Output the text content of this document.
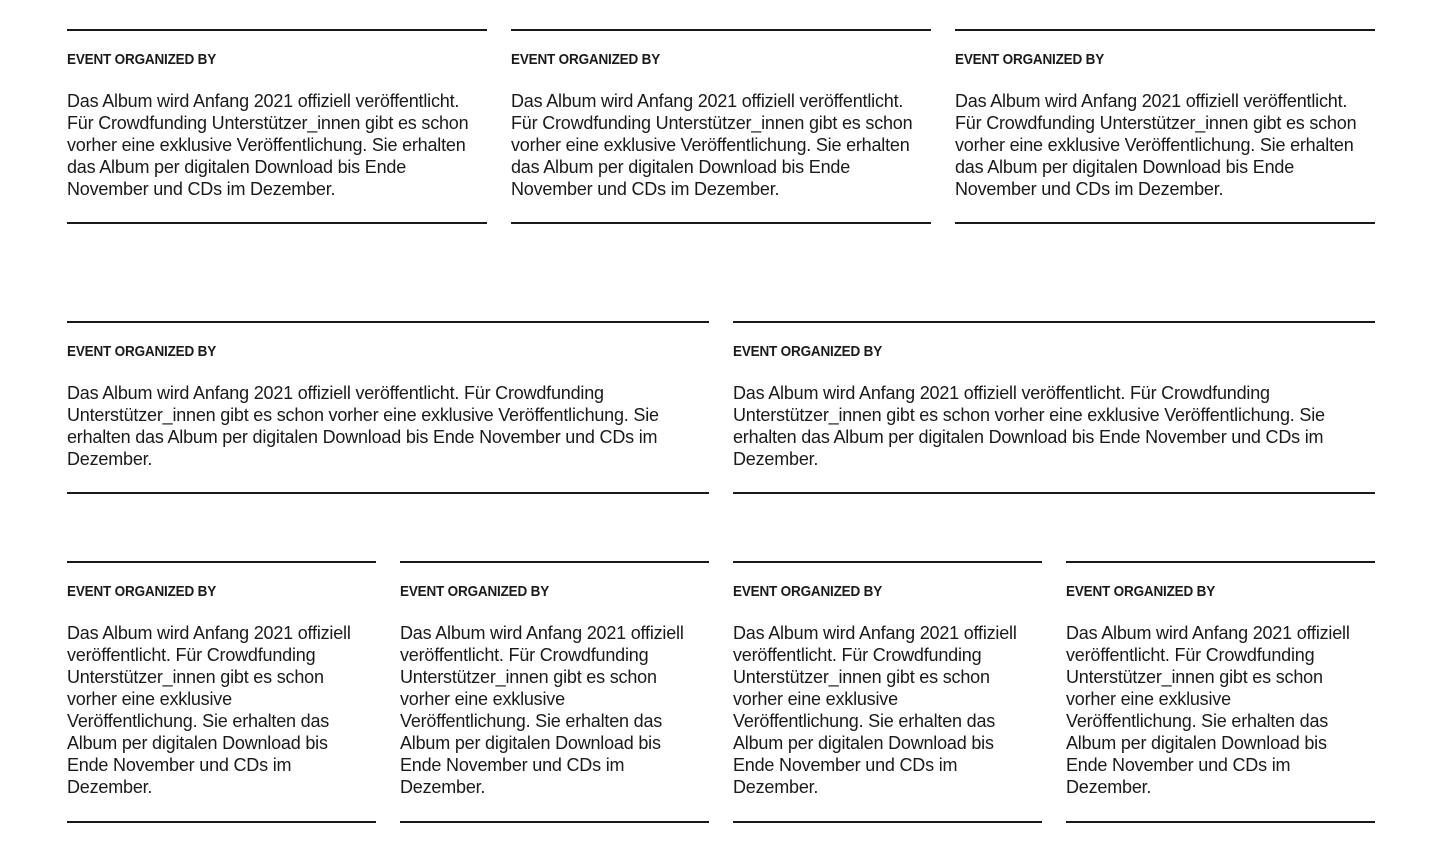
EVENT ORGANIZED BY

Das Album wird Anfang 2021 offiziell veröffentlicht.
Für Crowdfunding Unterstützer_innen gibt es schon
vorher eine exklusive Veröffentlichung. Sie erhalten
das Album per digitalen Download bis Ende
November und CDs im Dezember.

EVENT ORGANIZED BY

Das Album wird Anfang 2021 offiziell veröffentlicht.
Für Crowdfunding Unterstützer_innen gibt es schon
vorher eine exklusive Veröffentlichung. Sie erhalten
das Album per digitalen Download bis Ende
November und CDs im Dezember.

EVENT ORGANIZED BY

Das Album wird Anfang 2021 offiziell veröffentlicht.
Für Crowdfunding Unterstützer_innen gibt es schon
vorher eine exklusive Veröffentlichung. Sie erhalten
das Album per digitalen Download bis Ende
November und CDs im Dezember.

EVENT ORGANIZED BY

Das Album wird Anfang 2021 offiziell veröffentlicht. Für Crowdfunding
Unterstützer_innen gibt es schon vorher eine exklusive Veröffentlichung. Sie
erhalten das Album per digitalen Download bis Ende November und CDs im
Dezember.

EVENT ORGANIZED BY

Das Album wird Anfang 2021 offiziell veröffentlicht. Für Crowdfunding
Unterstützer_innen gibt es schon vorher eine exklusive Veröffentlichung. Sie
erhalten das Album per digitalen Download bis Ende November und CDs im
Dezember.

EVENT ORGANIZED BY

Das Album wird Anfang 2021 offiziell
veröffentlicht. Für Crowdfunding
Unterstützer_innen gibt es schon
vorher eine exklusive
Veröffentlichung. Sie erhalten das
Album per digitalen Download bis
Ende November und CDs im
Dezember.

EVENT ORGANIZED BY

Das Album wird Anfang 2021 offiziell
veröffentlicht. Für Crowdfunding
Unterstützer_innen gibt es schon
vorher eine exklusive
Veröffentlichung. Sie erhalten das
Album per digitalen Download bis
Ende November und CDs im
Dezember.

EVENT ORGANIZED BY

Das Album wird Anfang 2021 offiziell
veröffentlicht. Für Crowdfunding
Unterstützer_innen gibt es schon
vorher eine exklusive
Veröffentlichung. Sie erhalten das
Album per digitalen Download bis
Ende November und CDs im
Dezember.

EVENT ORGANIZED BY

Das Album wird Anfang 2021 offiziell
veröffentlicht. Für Crowdfunding
Unterstützer_innen gibt es schon
vorher eine exklusive
Veröffentlichung. Sie erhalten das
Album per digitalen Download bis
Ende November und CDs im
Dezember.
